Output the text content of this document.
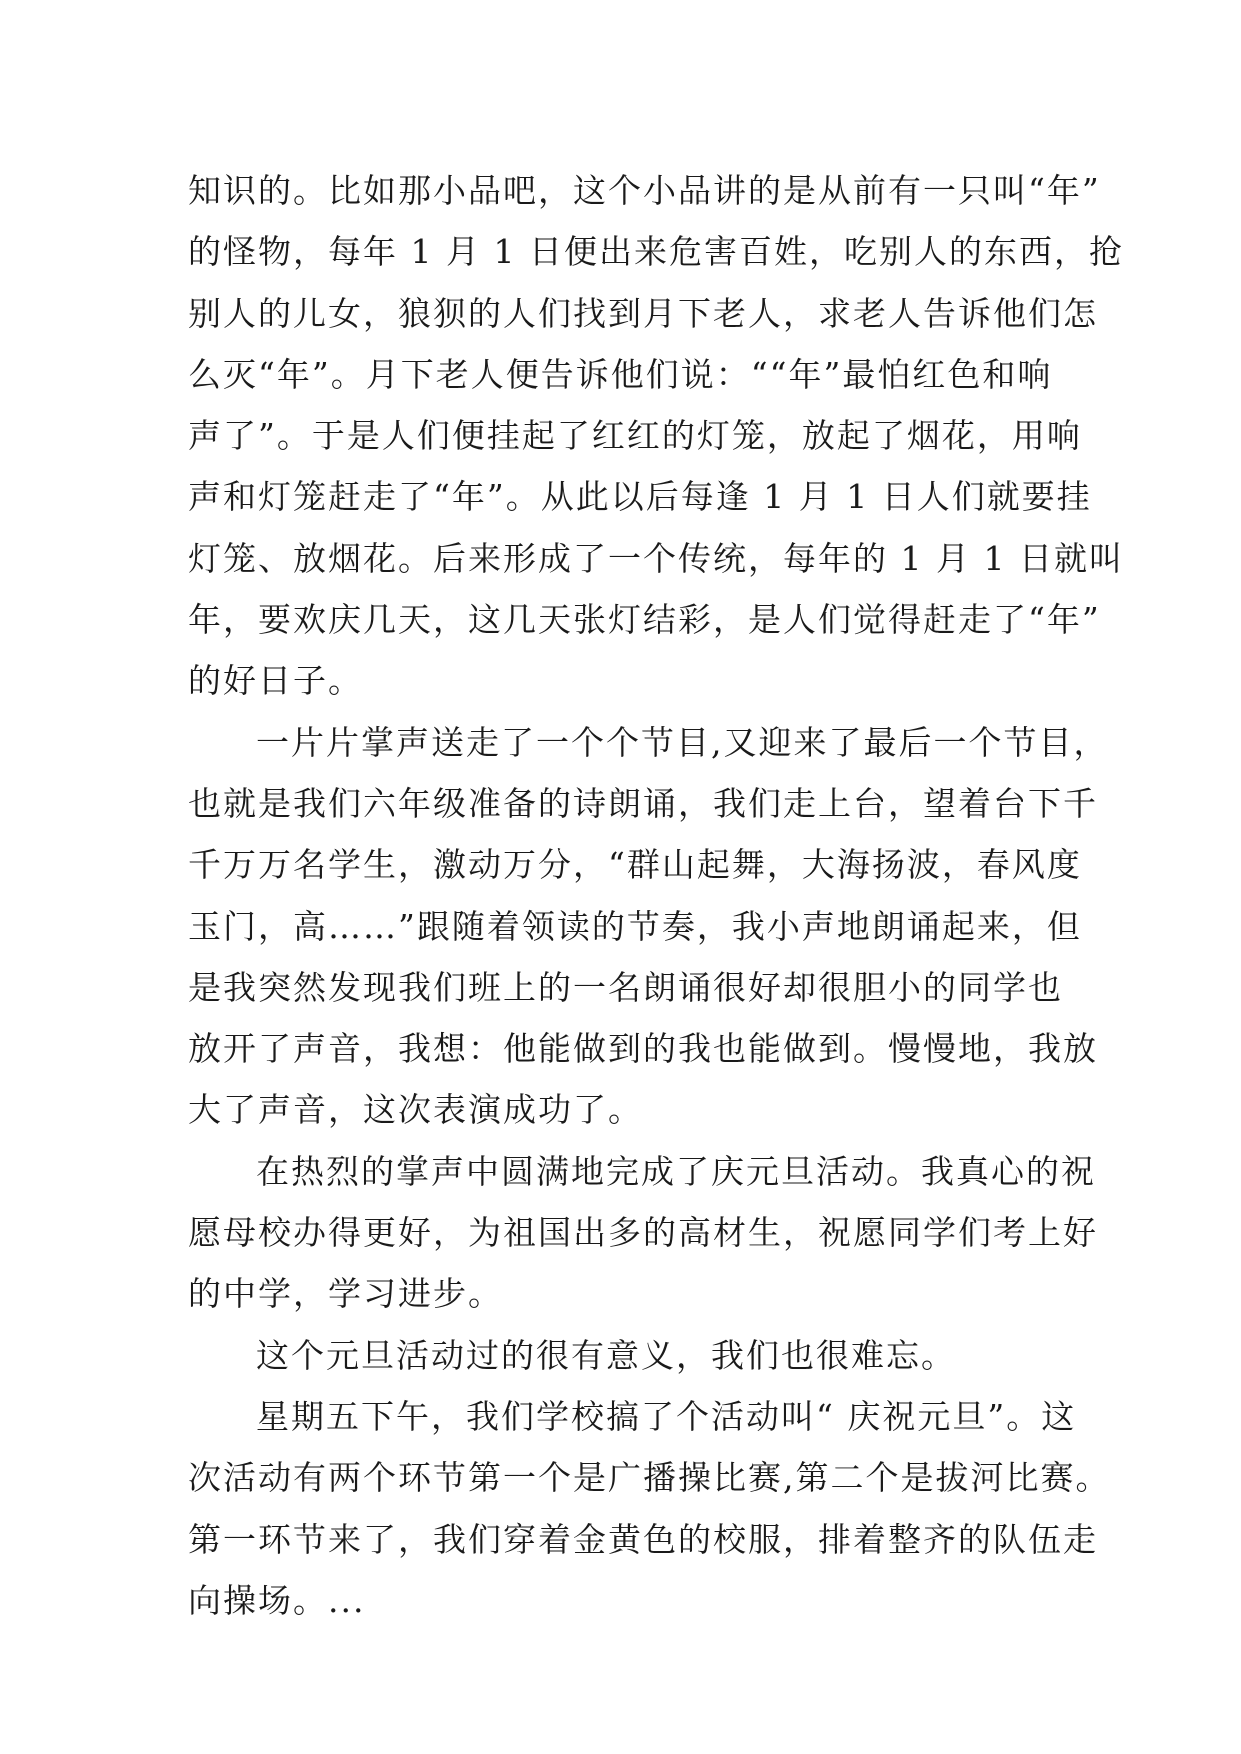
知识的。比如那小品吧，这个小品讲的是从前有一只叫“年”
的怪物，每年 1 月 1 日便出来危害百姓，吃别人的东西，抢
别人的儿女，狼狈的人们找到月下老人，求老人告诉他们怎
么灭“年”。月下老人便告诉他们说：““年”最怕红色和响
声了”。于是人们便挂起了红红的灯笼，放起了烟花，用响
声和灯笼赶走了“年”。从此以后每逢 1 月 1 日人们就要挂
灯笼、放烟花。后来形成了一个传统，每年的 1 月 1 日就叫
年，要欢庆几天，这几天张灯结彩，是人们觉得赶走了“年”
的好日子。
一片片掌声送走了一个个节目,又迎来了最后一个节目，
也就是我们六年级准备的诗朗诵，我们走上台，望着台下千
千万万名学生，激动万分，“群山起舞，大海扬波，春风度
玉门，高……”跟随着领读的节奏，我小声地朗诵起来，但
是我突然发现我们班上的一名朗诵很好却很胆小的同学也
放开了声音，我想：他能做到的我也能做到。慢慢地，我放
大了声音，这次表演成功了。
在热烈的掌声中圆满地完成了庆元旦活动。我真心的祝
愿母校办得更好，为祖国出多的高材生，祝愿同学们考上好
的中学，学习进步。
这个元旦活动过的很有意义，我们也很难忘。
星期五下午，我们学校搞了个活动叫“ 庆祝元旦”。这
次活动有两个环节第一个是广播操比赛,第二个是拔河比赛。
第一环节来了，我们穿着金黄色的校服，排着整齐的队伍走
向操场。...
